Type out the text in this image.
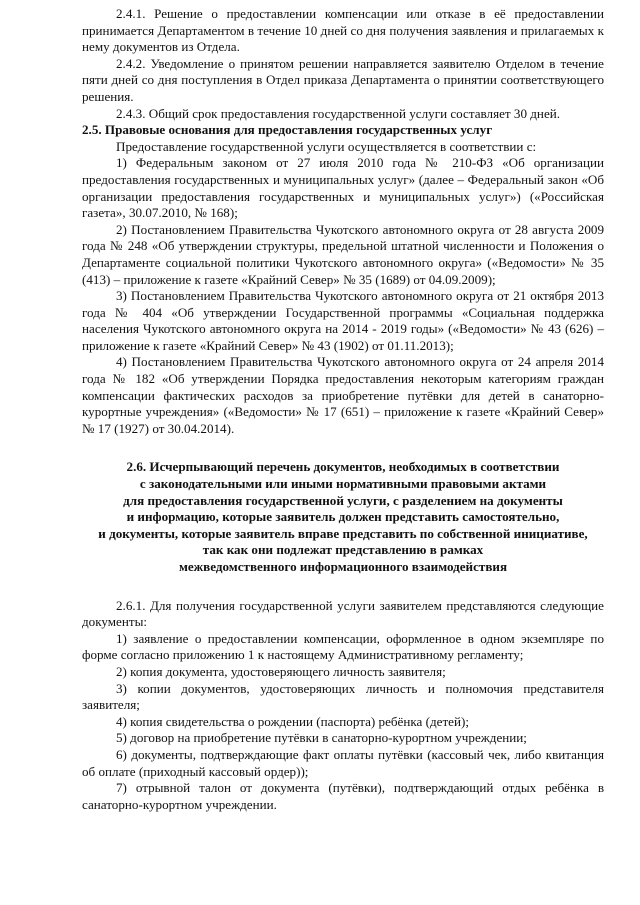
2.4.1. Решение о предоставлении компенсации или отказе в её предоставлении принимается Департаментом в течение 10 дней со дня получения заявления и прилагаемых к нему документов из Отдела.

2.4.2. Уведомление о принятом решении направляется заявителю Отделом в течение пяти дней со дня поступления в Отдел приказа Департамента о принятии соответствующего решения.

2.4.3. Общий срок предоставления государственной услуги составляет 30 дней.

2.5. Правовые основания для предоставления государственных услуг

Предоставление государственной услуги осуществляется в соответствии с:

1) Федеральным законом от 27 июля 2010 года № 210-ФЗ «Об организации предоставления государственных и муниципальных услуг» (далее – Федеральный закон «Об организации предоставления государственных и муниципальных услуг») («Российская газета», 30.07.2010, № 168);

2) Постановлением Правительства Чукотского автономного округа от 28 августа 2009 года № 248 «Об утверждении структуры, предельной штатной численности и Положения о Департаменте социальной политики Чукотского автономного округа» («Ведомости» № 35 (413) – приложение к газете «Крайний Север» № 35 (1689) от 04.09.2009);

3) Постановлением Правительства Чукотского автономного округа от 21 октября 2013 года № 404 «Об утверждении Государственной программы «Социальная поддержка населения Чукотского автономного округа на 2014 - 2019 годы» («Ведомости» № 43 (626) – приложение к газете «Крайний Север» № 43 (1902) от 01.11.2013);

4) Постановлением Правительства Чукотского автономного округа от 24 апреля 2014 года № 182 «Об утверждении Порядка предоставления некоторым категориям граждан компенсации фактических расходов за приобретение путёвки для детей в санаторно-курортные учреждения» («Ведомости» № 17 (651) – приложение к газете «Крайний Север» № 17 (1927) от 30.04.2014).

2.6. Исчерпывающий перечень документов, необходимых в соответствии
с законодательными или иными нормативными правовыми актами
для предоставления государственной услуги, с разделением на документы
и информацию, которые заявитель должен представить самостоятельно,
и документы, которые заявитель вправе представить по собственной инициативе,
так как они подлежат представлению в рамках
межведомственного информационного взаимодействия

2.6.1. Для получения государственной услуги заявителем представляются следующие документы:

1) заявление о предоставлении компенсации, оформленное в одном экземпляре по форме согласно приложению 1 к настоящему Административному регламенту;

2) копия документа, удостоверяющего личность заявителя;

3) копии документов, удостоверяющих личность и полномочия представителя заявителя;

4) копия свидетельства о рождении (паспорта) ребёнка (детей);

5) договор на приобретение путёвки в санаторно-курортном учреждении;

6) документы, подтверждающие факт оплаты путёвки (кассовый чек, либо квитанция об оплате (приходный кассовый ордер));

7) отрывной талон от документа (путёвки), подтверждающий отдых ребёнка в санаторно-курортном учреждении.
